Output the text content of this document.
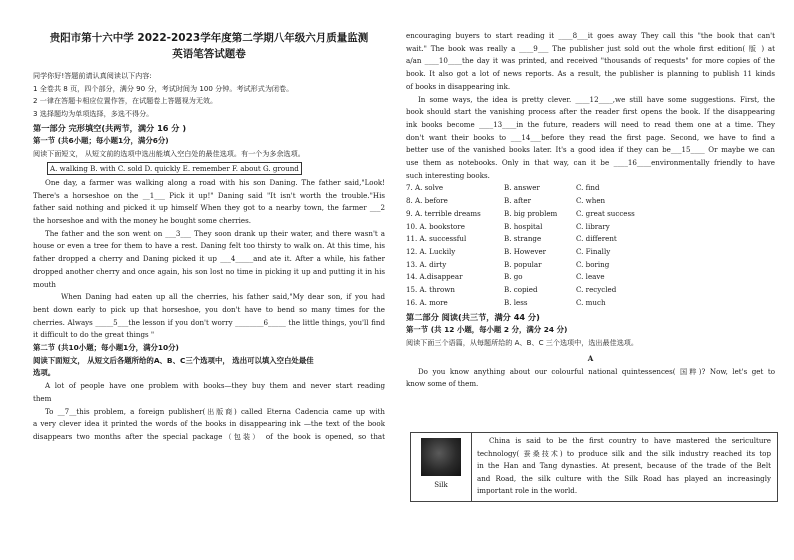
贵阳市第十六中学 2022-2023学年度第二学期八年级六月质量监测
英语笔答试题卷
同学你好!答题前请认真阅读以下内容:
1 全卷共 8 页，四个部分，满分 90 分，考试时间为 100 分钟。考试形式为闭卷。
2 一律在答题卡相应位置作答，在试题卷上答题视为无效。
3 选择题均为单项选择，多选不得分。
第一部分 完形填空(共两节，满分 16 分 )
第一节 (共6小题；每小题1分，满分6分)
阅读下面短文， 从短文前的选项中选出能填入空白处的最佳选项。有一个为多余选项。
A. walking B. with C. sold D. quickly E. remember F. about G. ground
One day, a farmer was walking along a road with his son Daning. The father said,"Look!
There's a horseshoe on the __1___ Pick it up!" Daning said "It isn't worth the trouble."His
father said nothing and picked it up himself When they got to a nearby town, the farmer ___2
the horseshoe and with the money he bought some cherries.
The father and the son went on ___3___ They soon drank up their water, and there wasn't a
house or even a tree for them to have a rest. Daning felt too thirsty to walk on. At this time, his
father dropped a cherry and Daning picked it up ___4_____and ate it. After a while, his father
dropped another cherry and once again, his son lost no time in picking it up and putting it in his
mouth
When Daning had eaten up all the cherries, his father said,"My dear son, if you had
bent down early to pick up that horseshoe, you don't have to bend so many times for the
cherries. Always _____5___the lesson if you don't worry ________6_____ the little things, you'll find
it difficult to do the great things "
第二节 (共10小题；每小题1分，满分10分)
阅读下面短文， 从短文后各题所给的A、B、C三个选项中， 选出可以填入空白处最佳
选项。
A lot of people have one problem with books—they buy them and never start reading
them
To __7__this problem, a foreign publisher(出版商) called Eterna Cadencia came up with
a very clever idea it printed the words of the books in disappearing ink —the text of the book
disappears two months after the special package（包装） of the book is opened, so that
encouraging buyers to start reading it ____8___it goes away They call this "the book that can't
wait." The book was really a ____9___ The publisher just sold out the whole first edition( 版 ) at
a/an ____10____the day it was printed, and received "thousands of requests" for more copies of the
book. It also got a lot of news reports. As a result, the publisher is planning to publish 11 kinds
of books in disappearing ink.
In some ways, the idea is pretty clever. ____12____,we still have some suggestions. First, the
book should start the vanishing process after the reader first opens the book. If the disappearing
ink books become ____13____in the future, readers will need to read them one at a time. They
don't want their books to ___14___before they read the first page. Second, we have to find a
better use of the vanished books later. It's a good idea if they can be___15____ Or maybe we can
use them as notebooks. Only in that way, can it be ____16____environmentally friendly to have
such interesting books.
7. A. solve	B. answer	C. find
8. A. before	B. after	C. when
9. A. terrible dreams	B. big problem	C. great success
10. A. bookstore	B. hospital	C. library
11. A. successful	B. strange	C. different
12. A. Luckily	B. However	C. Finally
13. A. dirty	B. popular	C. boring
14. A.disappear	B. go	C. leave
15. A. thrown	B. copied	C. recycled
16. A. more	B. less	C. much
第二部分 阅读(共三节，满分 44 分)
第一节 (共 12 小题，每小题 2 分，满分 24 分)
阅读下面三个语篇，从每题所给的 A、B、C 三个选项中，选出最佳选项。
A
Do you know anything about our colourful national quintessences( 国粹)? Now, let's get to
know some of them.
Silk
China is said to be the first country to have mastered the sericulture
technology( 蚕桑技术) to produce silk and the silk industry reached its top
in the Han and Tang dynasties. At present, because of the trade of the Belt
and Road, the silk culture with the Silk Road has played an increasingly
important role in the world.
